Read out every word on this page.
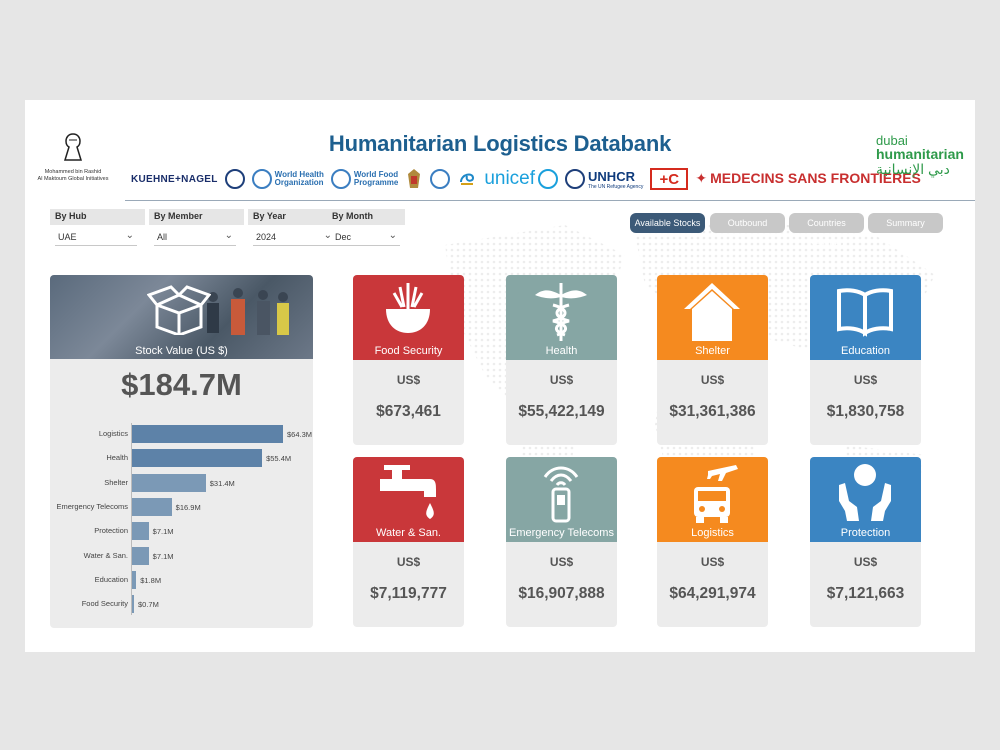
Mohammed bin Rashid
Al Maktoum Global Initiatives
Humanitarian Logistics Databank
KUEHNE+NAGEL	World Health
Organization
World Food
Programme	unicef	UNHCR
The UN Refugee Agency	+C	✦ MEDECINS SANS FRONTIERES
dubai
humanitarian
دبي الإنسانية
By Hub
UAE	⌄
By Member
All	⌄
By Year
2024	⌄
By Month
Dec	⌄
Available Stocks	Outbound	Countries Reached
Summary
Stock Value (US $)
$184.7M
Logistics	$64.3M
Health	$55.4M
Shelter	$31.4M
Emergency Telecoms	$16.9M
Protection	$7.1M
Water & San.	$7.1M
Education $1.8M
Food Security $0.7M
Food Security
US$
$673,461
Health
US$
$55,422,149
Shelter
US$
$31,361,386
Education
US$
$1,830,758
Water & San.
US$
$7,119,777
Emergency Telecoms
US$
$16,907,888
Logistics
US$
$64,291,974
Protection
US$
$7,121,663
